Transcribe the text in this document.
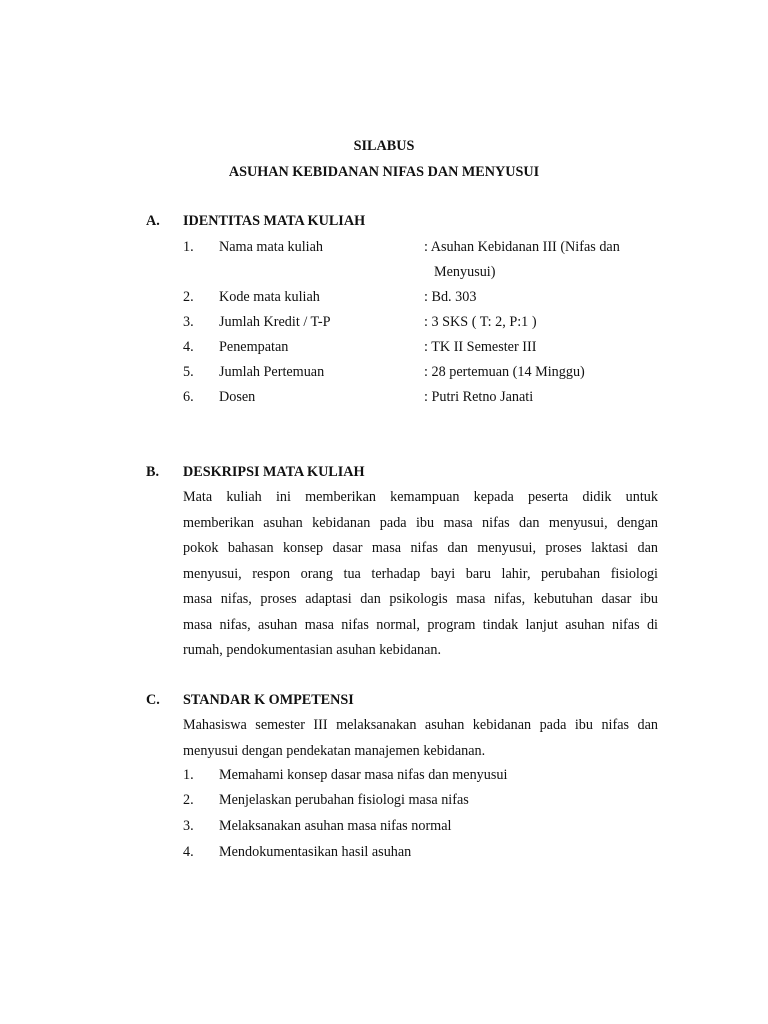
SILABUS
ASUHAN KEBIDANAN NIFAS DAN MENYUSUI
A. IDENTITAS MATA KULIAH
1. Nama mata kuliah	: Asuhan Kebidanan III (Nifas dan
Menyusui)
2. Kode mata kuliah	: Bd. 303
3. Jumlah Kredit / T-P	: 3 SKS ( T: 2, P:1 )
4. Penempatan	: TK II Semester III
5. Jumlah Pertemuan	: 28 pertemuan (14 Minggu)
6. Dosen	: Putri Retno Janati
B. DESKRIPSI MATA KULIAH
Mata kuliah ini memberikan kemampuan kepada peserta didik untuk
memberikan asuhan kebidanan pada ibu masa nifas dan menyusui, dengan
pokok bahasan konsep dasar masa nifas dan menyusui, proses laktasi dan
menyusui, respon orang tua terhadap bayi baru lahir, perubahan fisiologi
masa nifas, proses adaptasi dan psikologis masa nifas, kebutuhan dasar ibu
masa nifas, asuhan masa nifas normal, program tindak lanjut asuhan nifas di
rumah, pendokumentasian asuhan kebidanan.
C. STANDAR K OMPETENSI
Mahasiswa semester III melaksanakan asuhan kebidanan pada ibu nifas dan
menyusui dengan pendekatan manajemen kebidanan.
1. Memahami konsep dasar masa nifas dan menyusui
2. Menjelaskan perubahan fisiologi masa nifas
3. Melaksanakan asuhan masa nifas normal
4. Mendokumentasikan hasil asuhan
